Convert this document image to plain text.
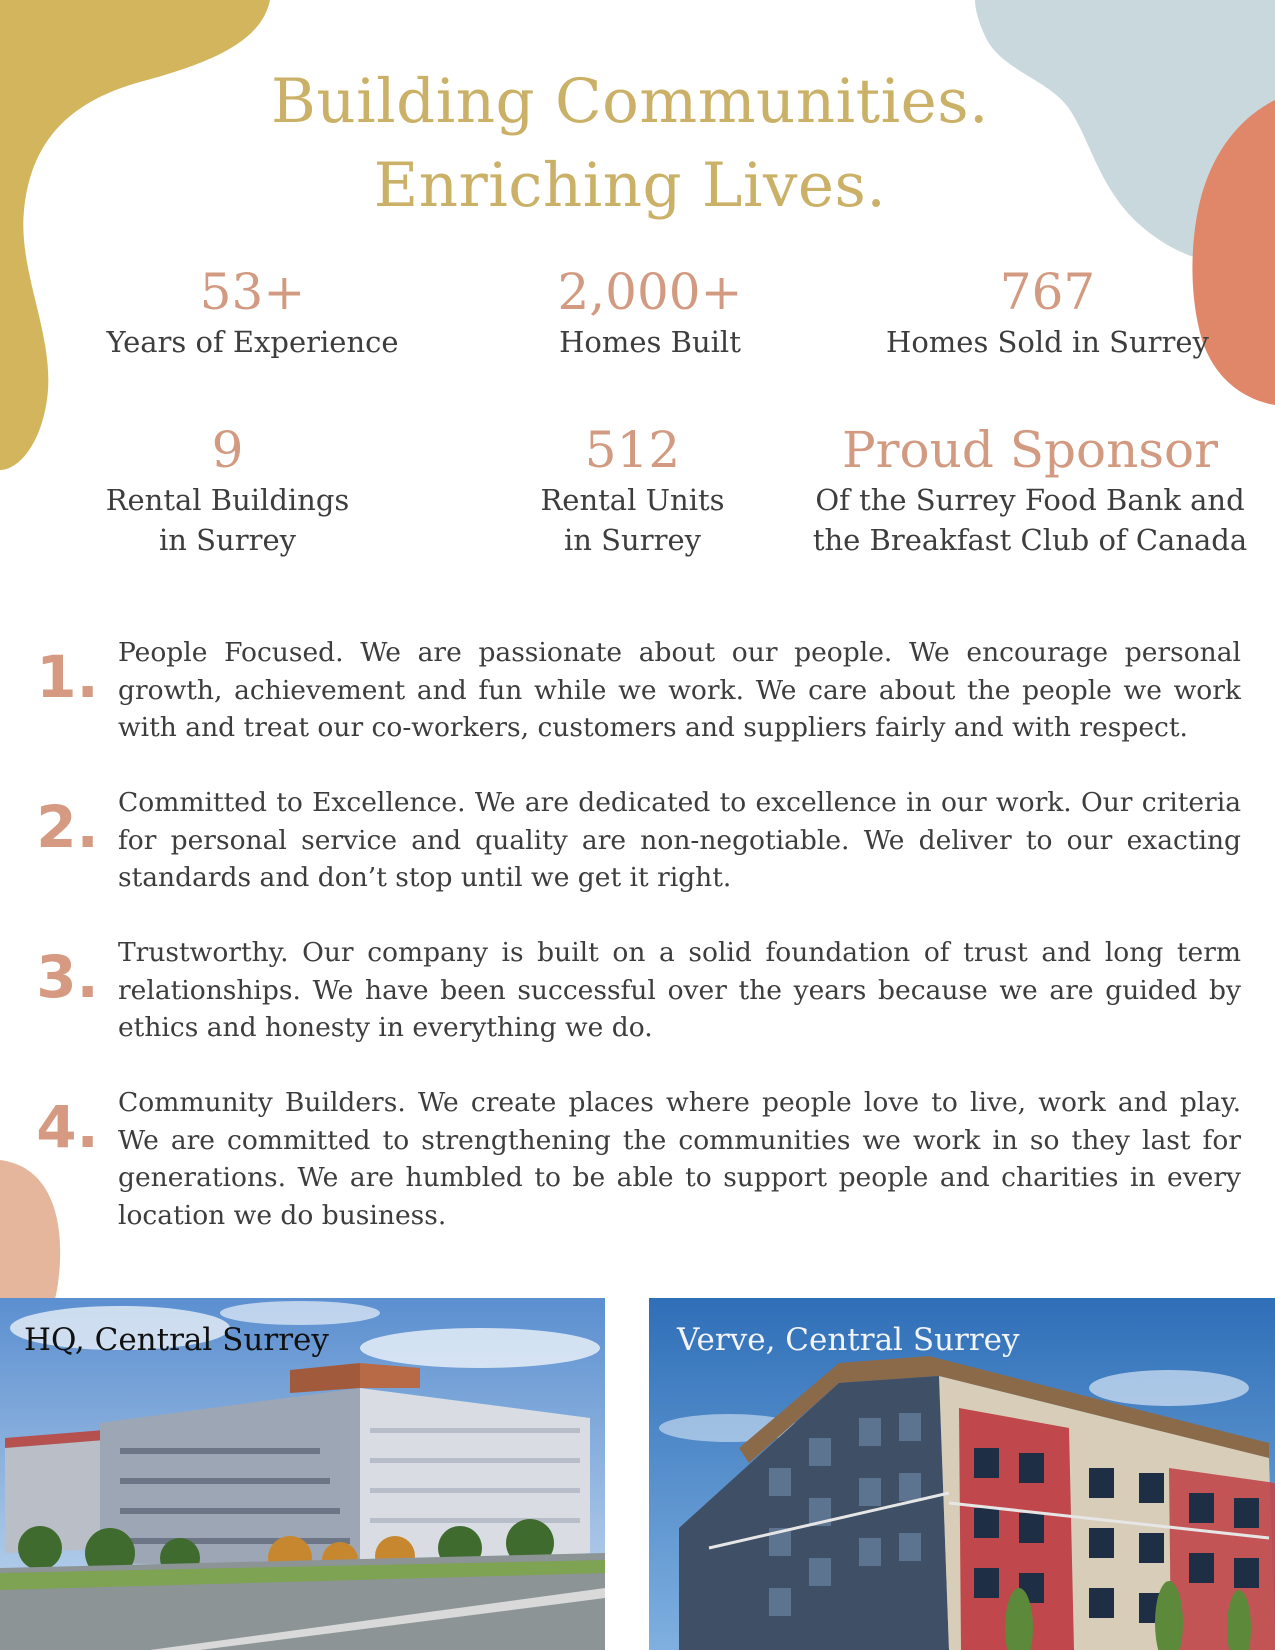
Building Communities.
Enriching Lives.
53+
Years of Experience
2,000+
Homes Built
767
Homes Sold in Surrey
9
Rental Buildings
in Surrey
512
Rental Units
in Surrey
Proud Sponsor
Of the Surrey Food Bank and
the Breakfast Club of Canada
1. People Focused. We are passionate about our people. We encourage personal growth, achievement and fun while we work. We care about the people we work with and treat our co-workers, customers and suppliers fairly and with respect.
2. Committed to Excellence. We are dedicated to excellence in our work. Our criteria for personal service and quality are non-negotiable. We deliver to our exacting standards and don’t stop until we get it right.
3. Trustworthy. Our company is built on a solid foundation of trust and long term relationships. We have been successful over the years because we are guided by ethics and honesty in everything we do.
4. Community Builders. We create places where people love to live, work and play. We are committed to strengthening the communities we work in so they last for generations. We are humbled to be able to support people and charities in every location we do business.
HQ, Central Surrey	Verve, Central Surrey
